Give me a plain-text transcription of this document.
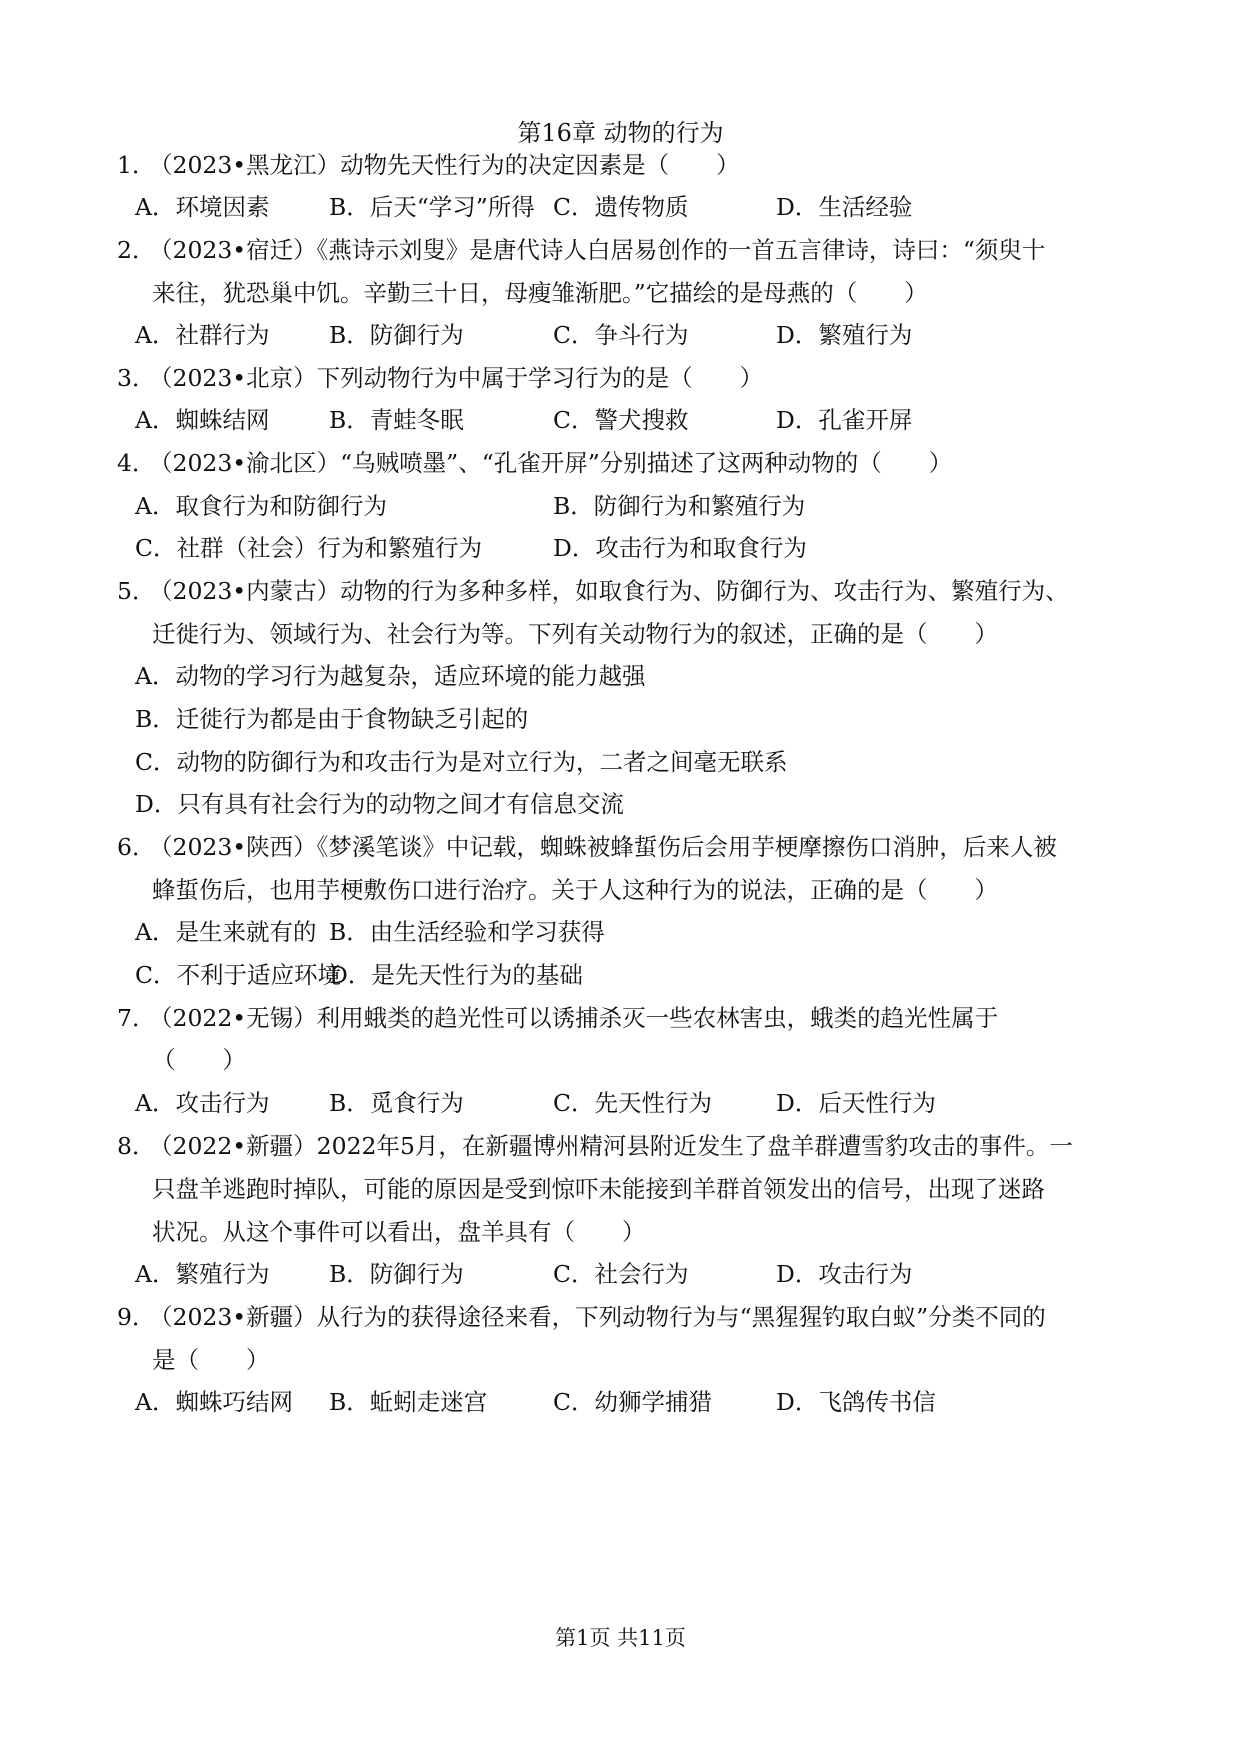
第16章 动物的行为
1．（2023•黑龙江）动物先天性行为的决定因素是（　　）
A．环境因素	B．后天“学习”所得 C．遗传物质	D．生活经验
2．（2023•宿迁）《燕诗示刘叟》是唐代诗人白居易创作的一首五言律诗，诗曰：“须臾十
来往，犹恐巢中饥。辛勤三十日，母瘦雏渐肥。”它描绘的是母燕的（　　）
A．社群行为	B．防御行为	C．争斗行为	D．繁殖行为
3．（2023•北京）下列动物行为中属于学习行为的是（　　）
A．蜘蛛结网	B．青蛙冬眠	C．警犬搜救	D．孔雀开屏
4．（2023•渝北区）“乌贼喷墨”、“孔雀开屏”分别描述了这两种动物的（　　）
A．取食行为和防御行为	B．防御行为和繁殖行为
C．社群（社会）行为和繁殖行为	D．攻击行为和取食行为
5．（2023•内蒙古）动物的行为多种多样，如取食行为、防御行为、攻击行为、繁殖行为、
迁徙行为、领域行为、社会行为等。下列有关动物行为的叙述，正确的是（　　）
A．动物的学习行为越复杂，适应环境的能力越强
B．迁徙行为都是由于食物缺乏引起的
C．动物的防御行为和攻击行为是对立行为，二者之间毫无联系
D．只有具有社会行为的动物之间才有信息交流
6．（2023•陕西）《梦溪笔谈》中记载，蜘蛛被蜂蜇伤后会用芋梗摩擦伤口消肿，后来人被
蜂蜇伤后，也用芋梗敷伤口进行治疗。关于人这种行为的说法，正确的是（　　）
A．是生来就有的 B．由生活经验和学习获得
C．不利于适应环境
D．是先天性行为的基础
7．（2022•无锡）利用蛾类的趋光性可以诱捕杀灭一些农林害虫，蛾类的趋光性属于
（　　）
A．攻击行为	B．觅食行为	C．先天性行为	D．后天性行为
8．（2022•新疆）2022年5月，在新疆博州精河县附近发生了盘羊群遭雪豹攻击的事件。一
只盘羊逃跑时掉队，可能的原因是受到惊吓未能接到羊群首领发出的信号，出现了迷路
状况。从这个事件可以看出，盘羊具有（　　）
A．繁殖行为	B．防御行为	C．社会行为	D．攻击行为
9．（2023•新疆）从行为的获得途径来看，下列动物行为与“黑猩猩钓取白蚁”分类不同的
是（　　）
A．蜘蛛巧结网 B．蚯蚓走迷宫	C．幼狮学捕猎	D．飞鸽传书信
第1页 共11页
